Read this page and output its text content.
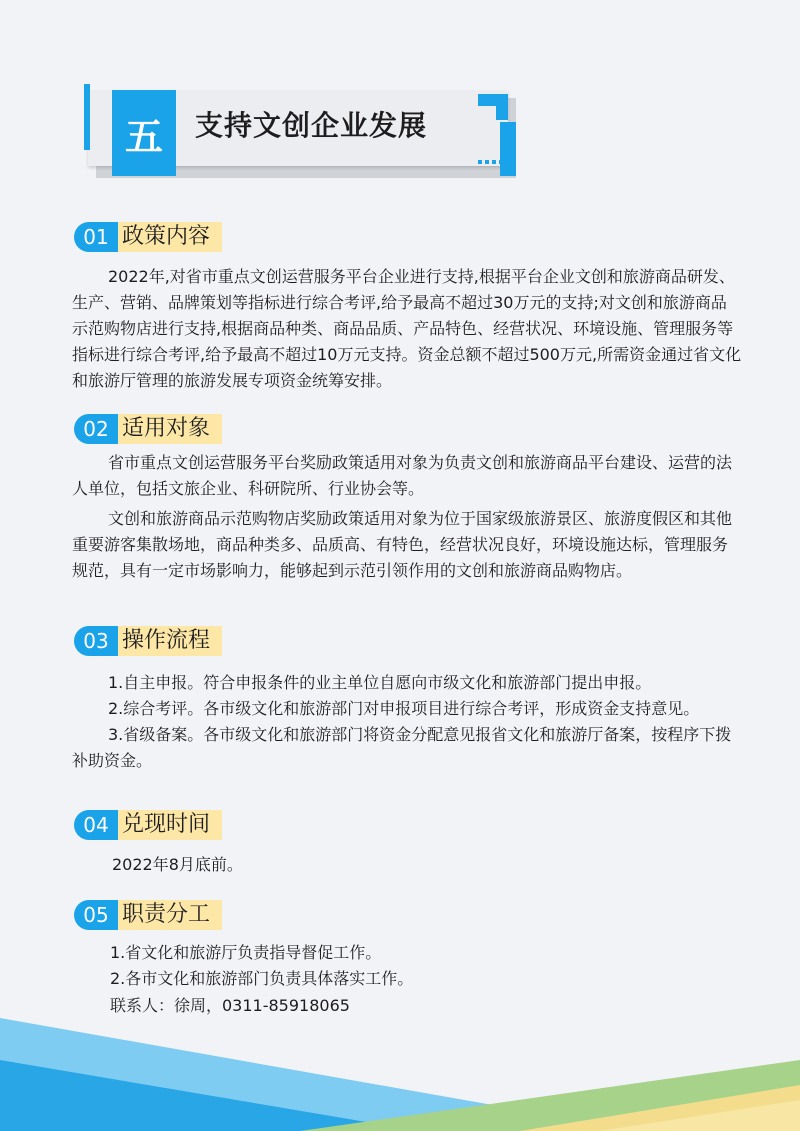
五	支持文创企业发展
01 政策内容

2022年,对省市重点文创运营服务平台企业进行支持,根据平台企业文创和旅游商品研发、生产、营销、品牌策划等指标进行综合考评,给予最高不超过30万元的支持;对文创和旅游商品示范购物店进行支持,根据商品种类、商品品质、产品特色、经营状况、环境设施、管理服务等指标进行综合考评,给予最高不超过10万元支持。资金总额不超过500万元,所需资金通过省文化和旅游厅管理的旅游发展专项资金统筹安排。

02 适用对象

省市重点文创运营服务平台奖励政策适用对象为负责文创和旅游商品平台建设、运营的法人单位，包括文旅企业、科研院所、行业协会等。

文创和旅游商品示范购物店奖励政策适用对象为位于国家级旅游景区、旅游度假区和其他重要游客集散场地，商品种类多、品质高、有特色，经营状况良好，环境设施达标，管理服务规范，具有一定市场影响力，能够起到示范引领作用的文创和旅游商品购物店。

03 操作流程

1.自主申报。符合申报条件的业主单位自愿向市级文化和旅游部门提出申报。

2.综合考评。各市级文化和旅游部门对申报项目进行综合考评，形成资金支持意见。

3.省级备案。各市级文化和旅游部门将资金分配意见报省文化和旅游厅备案，按程序下拨补助资金。

04 兑现时间
2022年8月底前。
05 职责分工
1.省文化和旅游厅负责指导督促工作。
2.各市文化和旅游部门负责具体落实工作。
联系人：徐周，0311-85918065
